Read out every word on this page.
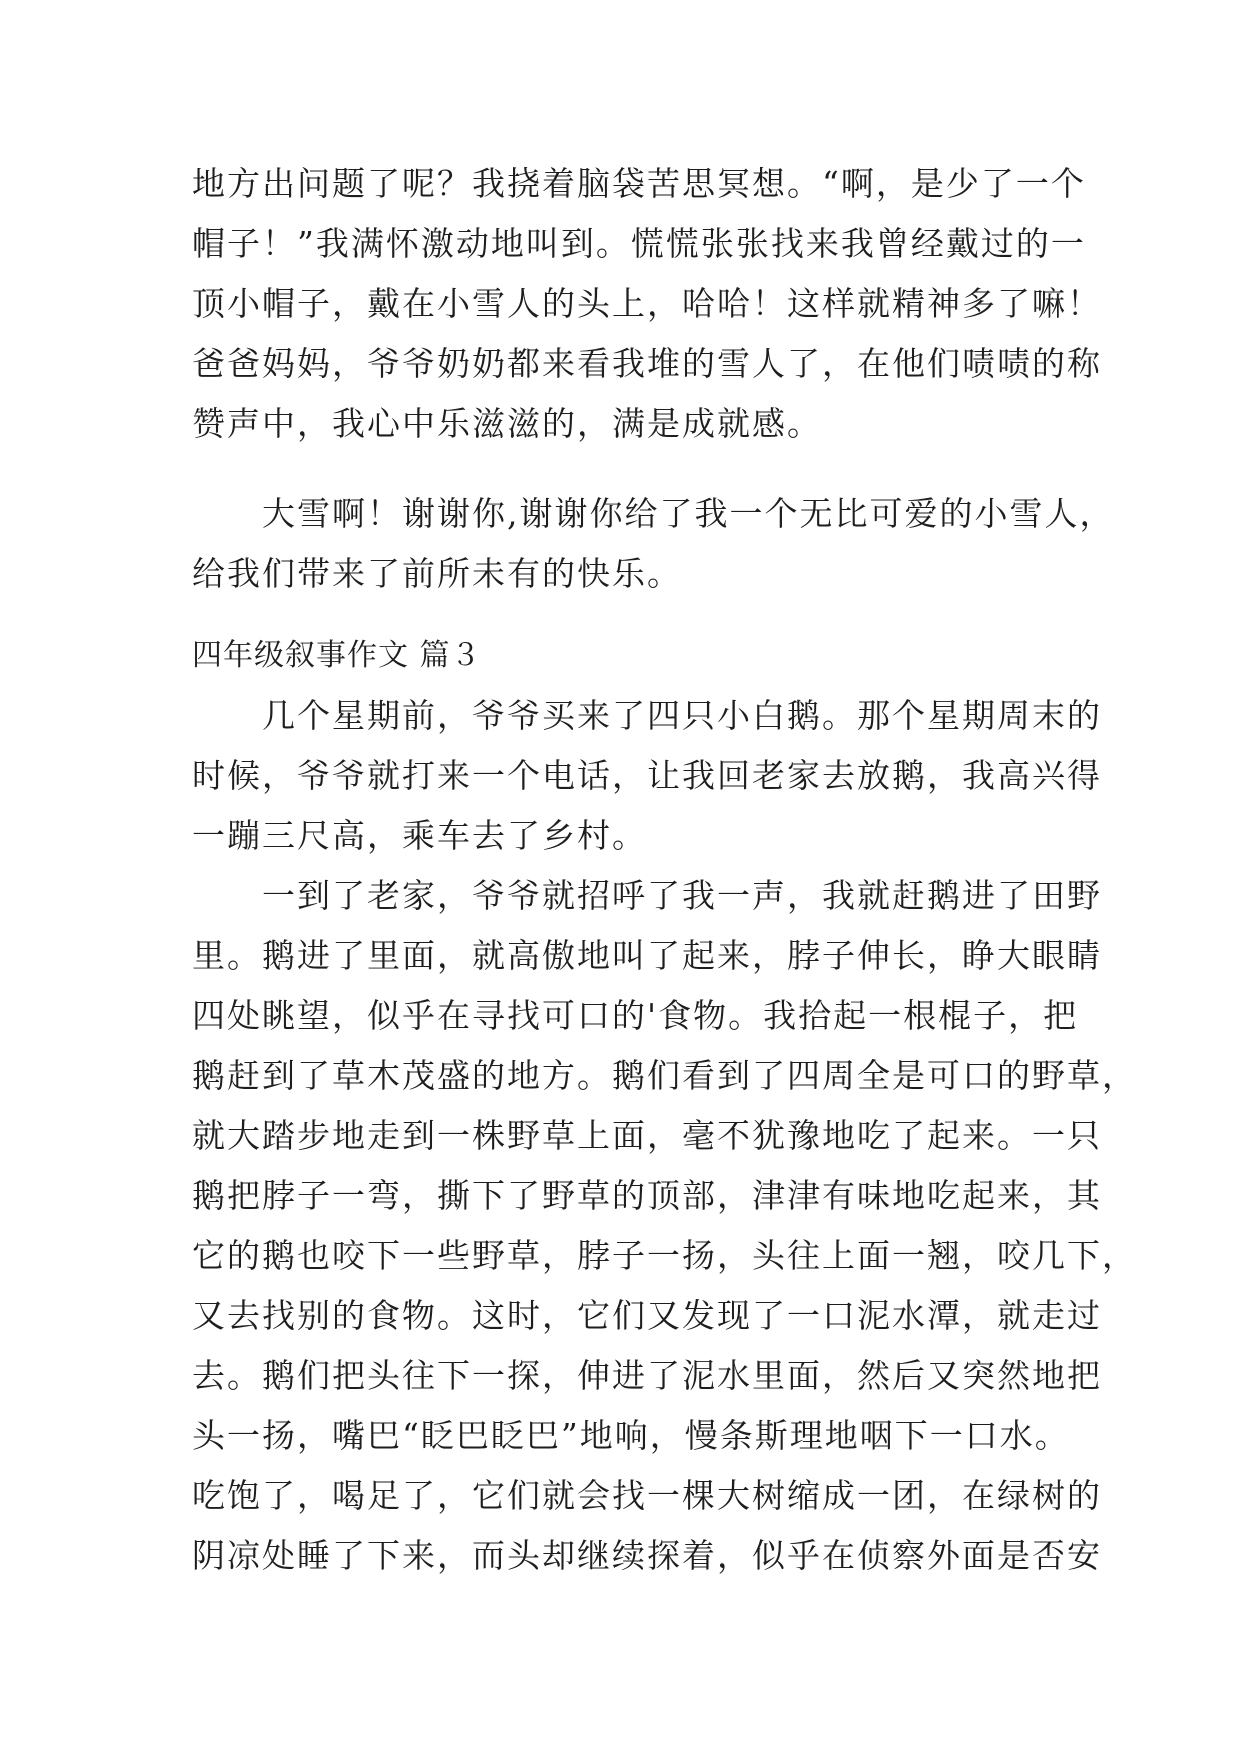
地方出问题了呢？我挠着脑袋苦思冥想。“啊，是少了一个
帽子！”我满怀激动地叫到。慌慌张张找来我曾经戴过的一
顶小帽子，戴在小雪人的头上，哈哈！这样就精神多了嘛！
爸爸妈妈，爷爷奶奶都来看我堆的雪人了，在他们啧啧的称
赞声中，我心中乐滋滋的，满是成就感。
　　大雪啊！谢谢你,谢谢你给了我一个无比可爱的小雪人，
给我们带来了前所未有的快乐。
四年级叙事作文 篇３
　　几个星期前，爷爷买来了四只小白鹅。那个星期周末的
时候，爷爷就打来一个电话，让我回老家去放鹅，我高兴得
一蹦三尺高，乘车去了乡村。
　　一到了老家，爷爷就招呼了我一声，我就赶鹅进了田野
里。鹅进了里面，就高傲地叫了起来，脖子伸长，睁大眼睛
四处眺望，似乎在寻找可口的'食物。我拾起一根棍子，把
鹅赶到了草木茂盛的地方。鹅们看到了四周全是可口的野草，
就大踏步地走到一株野草上面，毫不犹豫地吃了起来。一只
鹅把脖子一弯，撕下了野草的顶部，津津有味地吃起来，其
它的鹅也咬下一些野草，脖子一扬，头往上面一翘，咬几下，
又去找别的食物。这时，它们又发现了一口泥水潭，就走过
去。鹅们把头往下一探，伸进了泥水里面，然后又突然地把
头一扬，嘴巴“眨巴眨巴”地响，慢条斯理地咽下一口水。
吃饱了，喝足了，它们就会找一棵大树缩成一团，在绿树的
阴凉处睡了下来，而头却继续探着，似乎在侦察外面是否安
